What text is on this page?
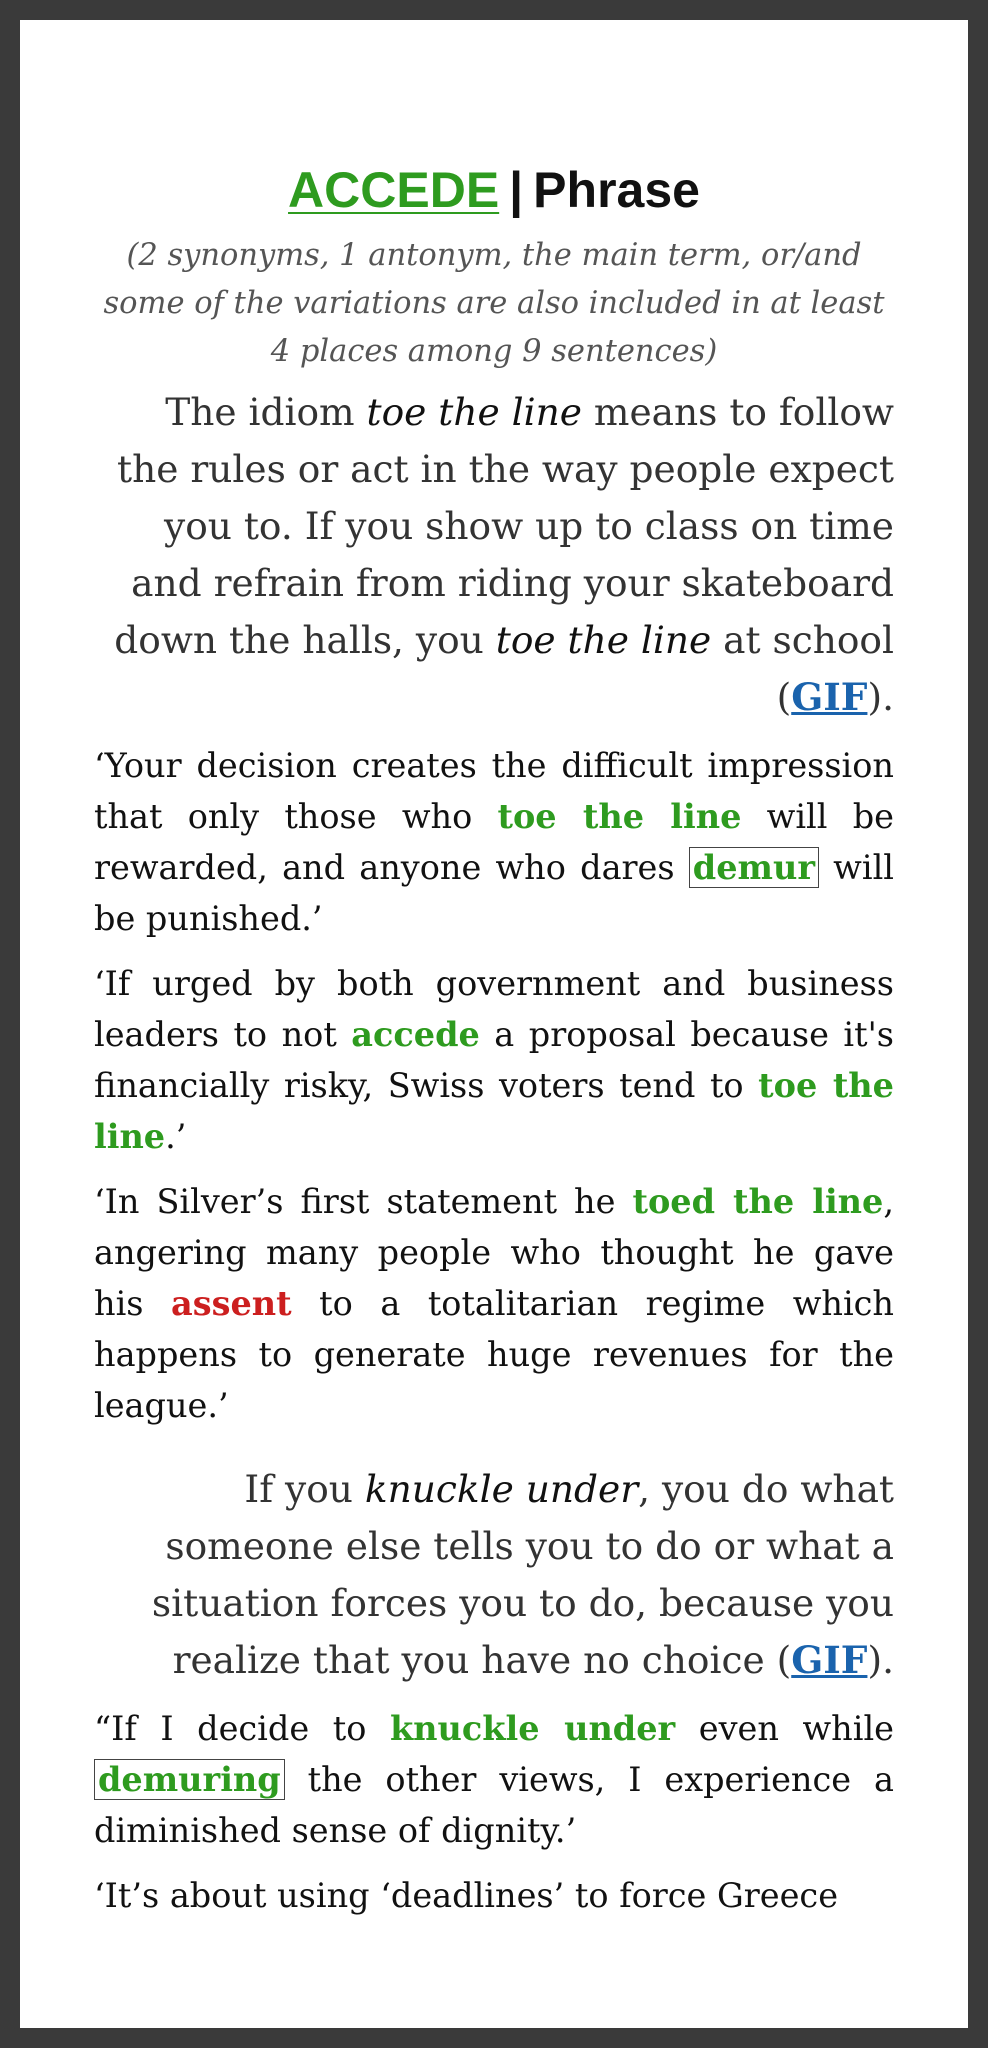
ACCEDE | Phrase

(2 synonyms, 1 antonym, the main term, or/and some of the variations are also included in at least 4 places among 9 sentences)

The idiom toe the line means to follow the rules or act in the way people expect you to. If you show up to class on time and refrain from riding your skateboard down the halls, you toe the line at school (GIF).

‘Your decision creates the difficult impression that only those who toe the line will be rewarded, and anyone who dares demur will be punished.’

‘If urged by both government and business leaders to not accede a proposal because it's financially risky, Swiss voters tend to toe the line.’

‘In Silver’s first statement he toed the line, angering many people who thought he gave his assent to a totalitarian regime which happens to generate huge revenues for the league.’

If you knuckle under, you do what someone else tells you to do or what a situation forces you to do, because you realize that you have no choice (GIF).

“If I decide to knuckle under even while demuring the other views, I experience a diminished sense of dignity.’

‘It’s about using ‘deadlines’ to force Greece
